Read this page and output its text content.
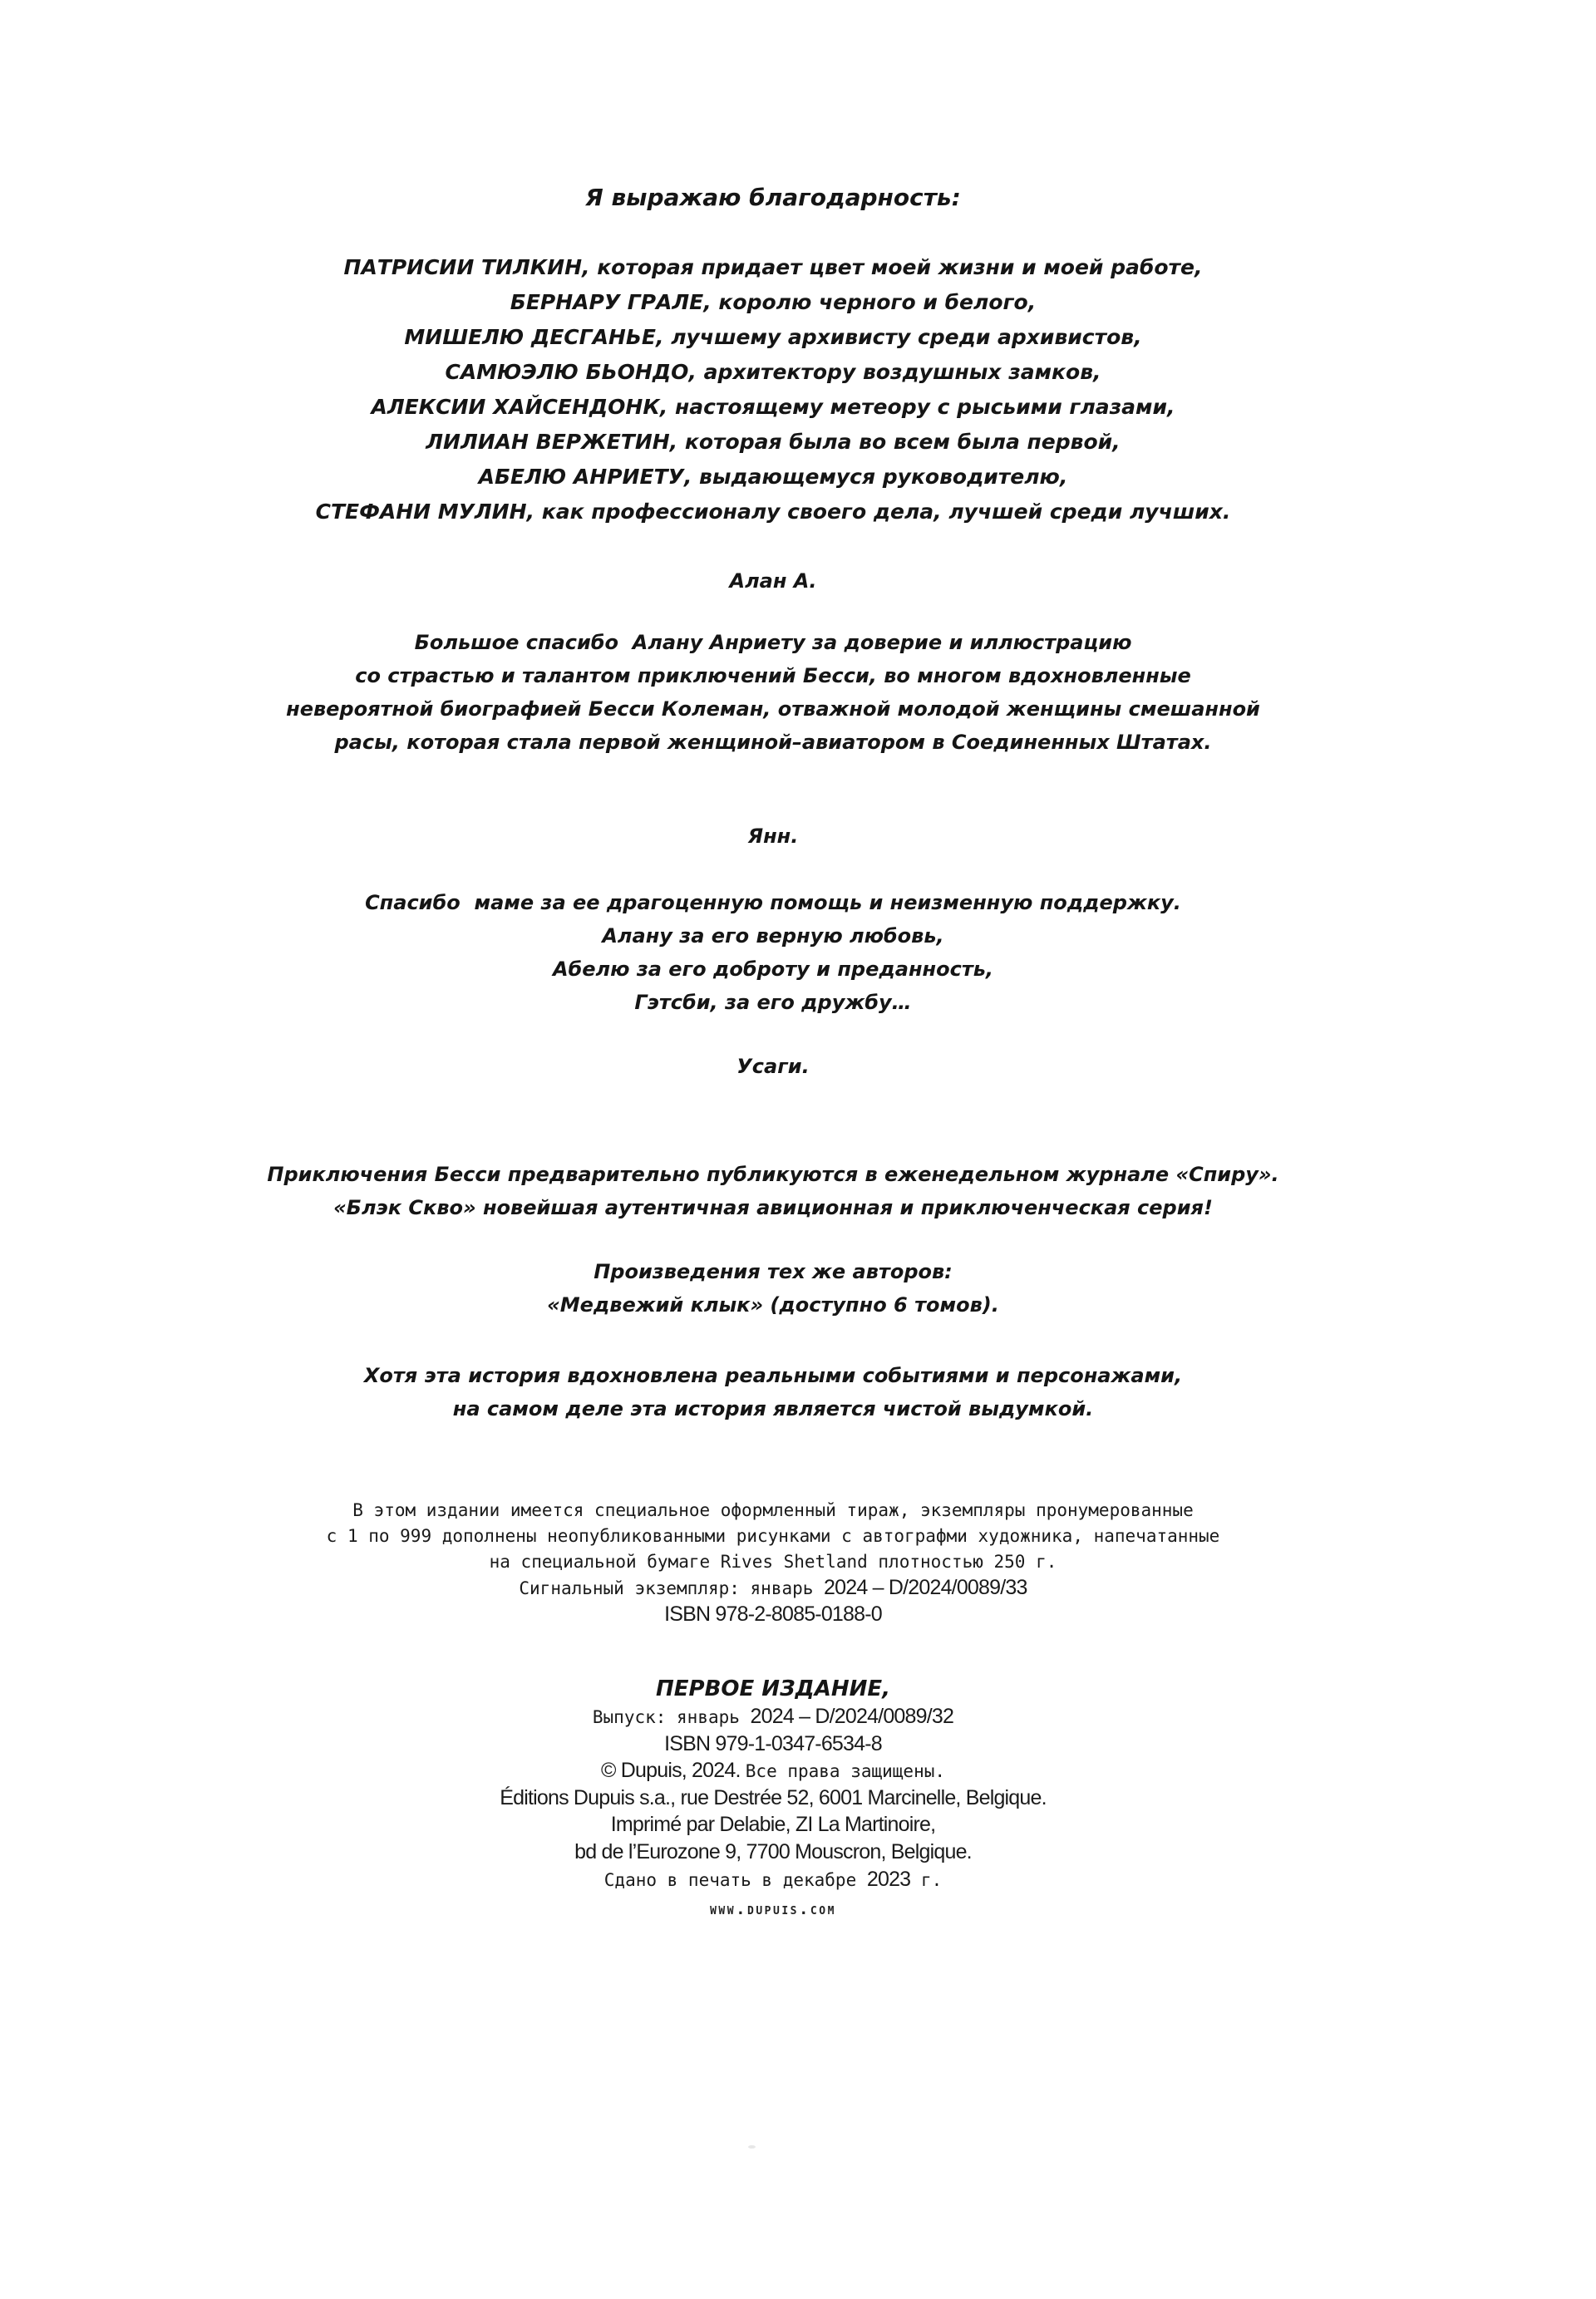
Я выражаю благодарность:
ПАТРИСИИ ТИЛКИН, которая придает цвет моей жизни и моей работе,
БЕРНАРУ ГРАЛЕ, королю черного и белого,
МИШЕЛЮ ДЕСГАНЬЕ, лучшему архивисту среди архивистов,
САМЮЭЛЮ БЬОНДО, архитектору воздушных замков,
АЛЕКСИИ ХАЙСЕНДОНК, настоящему метеору с рысьими глазами,
ЛИЛИАН ВЕРЖЕТИН, которая была во всем была первой,
АБЕЛЮ АНРИЕТУ, выдающемуся руководителю,
СТЕФАНИ МУЛИН, как профессионалу своего дела, лучшей среди лучших.
Алан А.
Большое спасибо  Алану Анриету за доверие и иллюстрацию
со страстью и талантом приключений Бесси, во многом вдохновленные
невероятной биографией Бесси Колеман, отважной молодой женщины смешанной
расы, которая стала первой женщиной–авиатором в Соединенных Штатах.
Янн.
Спасибо  маме за ее драгоценную помощь и неизменную поддержку.
Алану за его верную любовь,
Абелю за его доброту и преданность,
Гэтсби, за его дружбу…
Усаги.
Приключения Бесси предварительно публикуются в еженедельном журнале «Спиру».
«Блэк Скво» новейшая аутентичная авиционная и приключенческая серия!
Произведения тех же авторов:
«Медвежий клык» (доступно 6 томов).
Хотя эта история вдохновлена реальными событиями и персонажами,
на самом деле эта история является чистой выдумкой.
В этом издании имеется специальное оформленный тираж, экземпляры пронумерованные
с 1 по 999 дополнены неопубликованными рисунками с автографми художника, напечатанные
на специальной бумаге Rives Shetland плотностью 250 г.
Сигнальный экземпляр: январь 2024 – D/2024/0089/33
ISBN 978-2-8085-0188-0
ПЕРВОЕ ИЗДАНИЕ,
Выпуск: январь 2024 – D/2024/0089/32
ISBN 979-1-0347-6534-8
© Dupuis, 2024. Все права защищены.
Éditions Dupuis s.a., rue Destrée 52, 6001 Marcinelle, Belgique.
Imprimé par Delabie, ZI La Martinoire,
bd de l’Eurozone 9, 7700 Mouscron, Belgique.
Сдано в печать в декабре 2023 г.
www.dupuis.com
